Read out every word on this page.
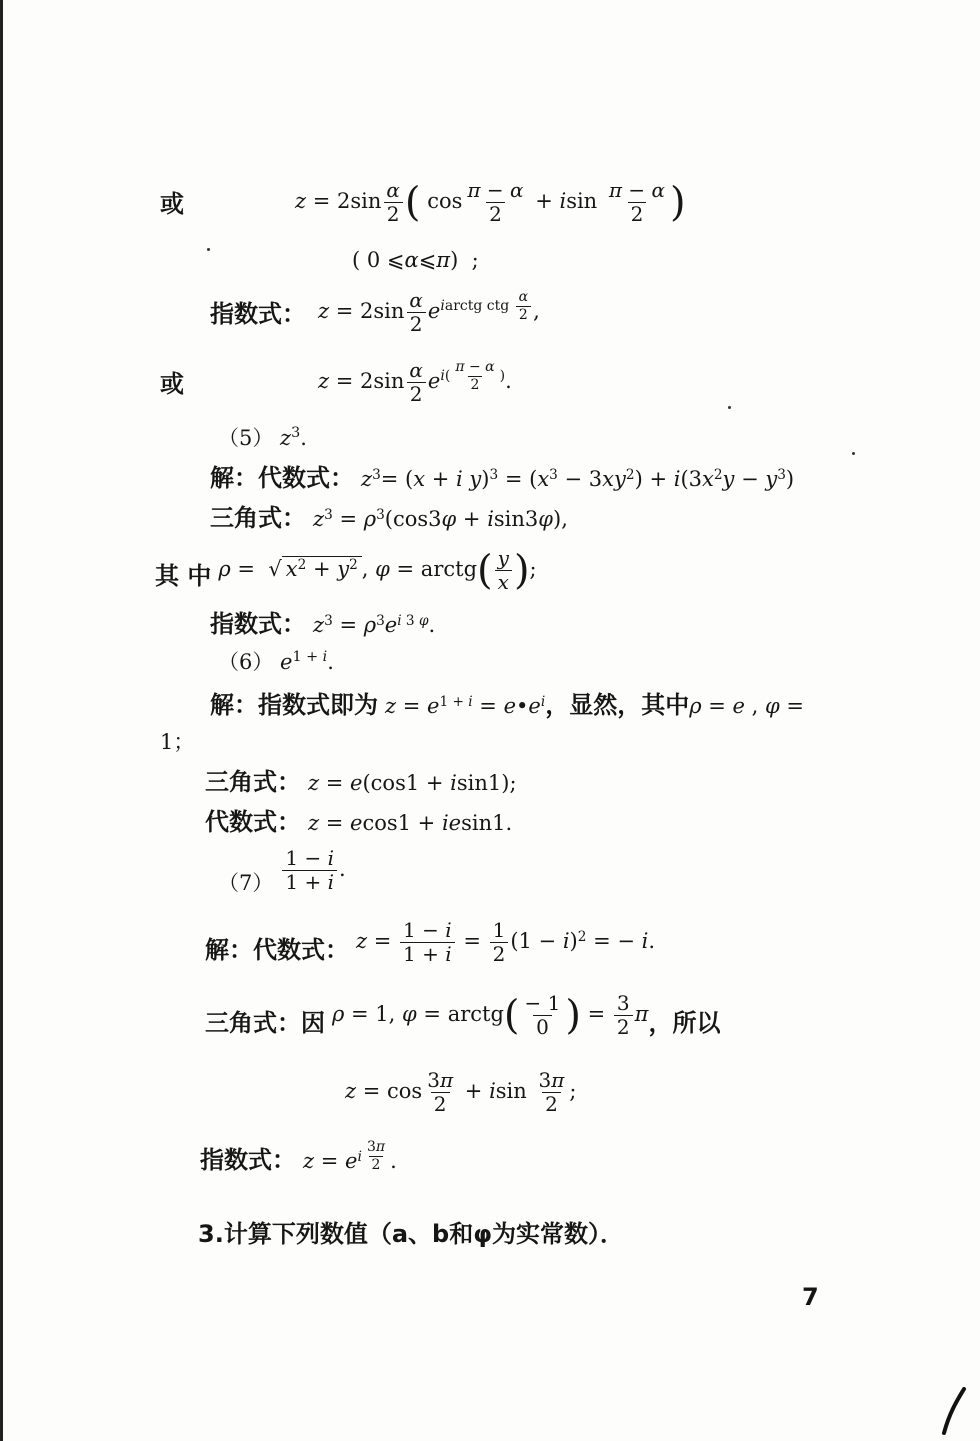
或	$z = 2\sin \frac{\alpha}{2}$ ( $\cos \frac{\pi - \alpha}{2} + isin \frac{\pi - \alpha}{2}$ )
( 0 ⩽α⩽π)  ;
指数式： $z = 2\sin \frac{\alpha}{2} e^{iarctg ctg \frac{\alpha}{2}}$ ,
或	$z = 2\sin \frac{\alpha}{2} e^{i( \frac{\pi - \alpha}{2} )}$.
（5） $z^3$.
解：代数式： $z^3= (x + i$ $y)^3 = (x^3 - 3xy^2) + i(3x^2y - y^3)$
三角式： $z^3 = \rho^3(\cos 3\varphi + isin3\varphi)$,
其 中 ρ =  √ $x^2 + y^2$ , φ = arctg( $\frac{y}{x}$ );
指数式： $z^3 = \rho^3e^{i 3 \varphi}$.
（6） $e^{1 + i}$.
解：指数式即为 $z = e^{1 + i}$ = $e•e^i$，显然，其中ρ = e , φ =
1；
三角式： z = e(cos1 + isin1);
代数式： z = ecos1 + iesin1.
$(7) \frac{1 - i}{1 + i}$ .
解：代数式： $z = \frac{1 - i}{1 + i} = \frac{1}{2} (1 - i)^2$ = − i.
三角式：因 ρ = 1, φ = arctg( $\frac{- 1}{0}$ ) = $\frac{3}{2}$ π，所以
$z = \cos \frac{3\pi}{2} + isin \frac{3\pi}{2}$ ;
指数式： $z = e^{i \frac{3\pi}{2}}$ .
3.计算下列数值（a、b和φ为实常数）．
7
